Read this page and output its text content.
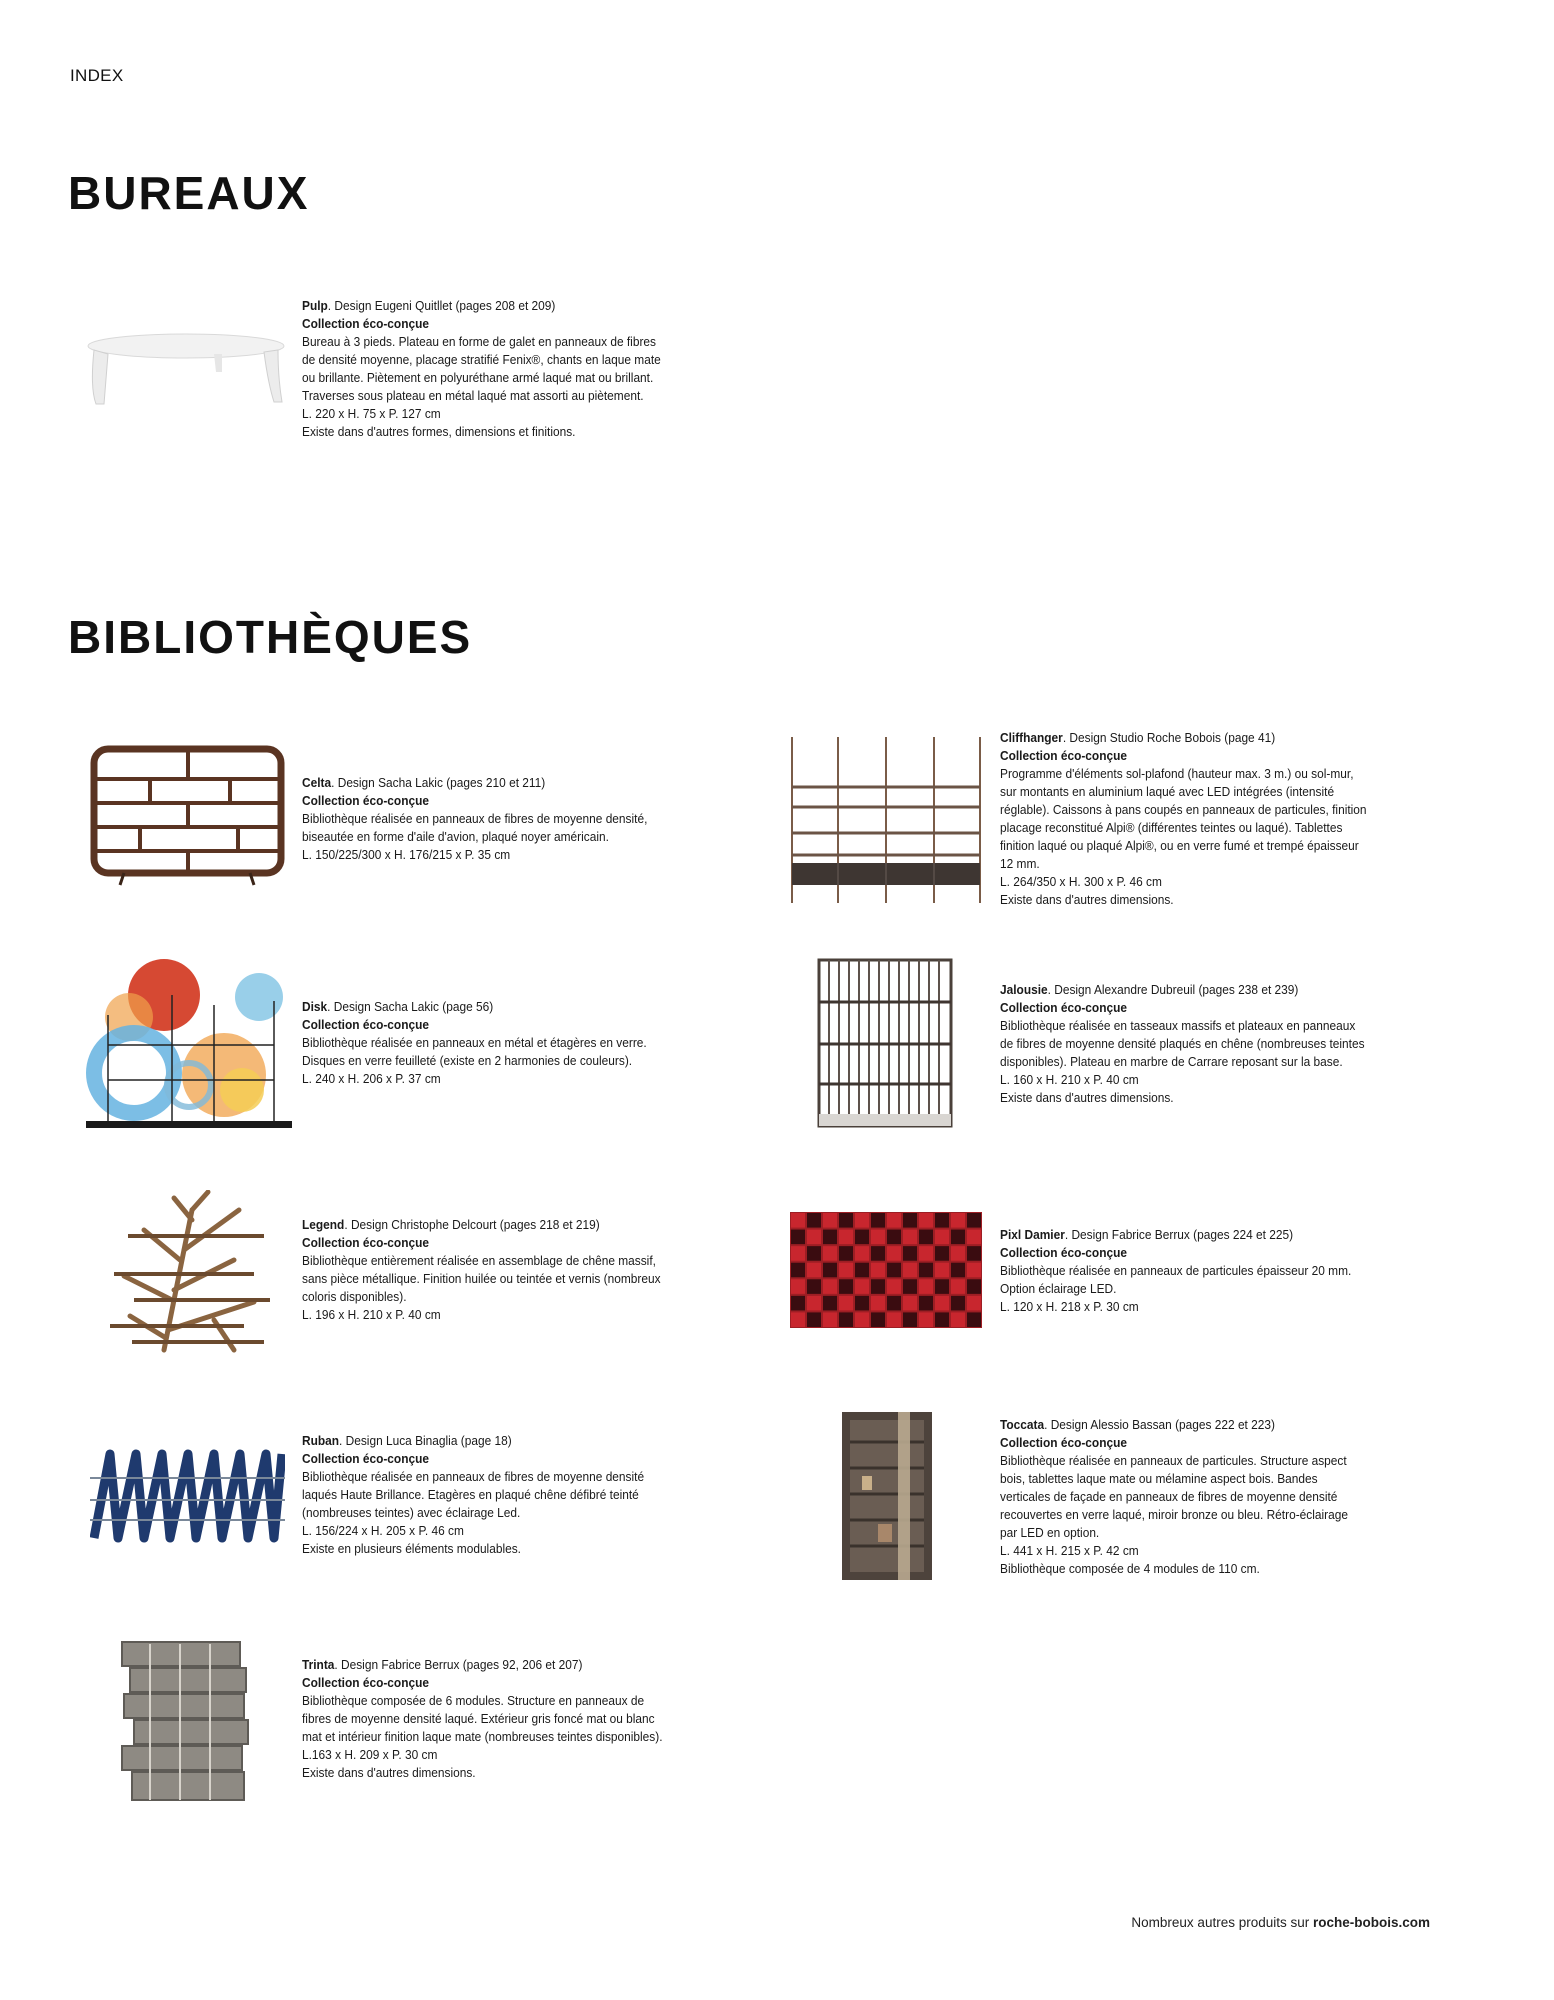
INDEX
BUREAUX
BIBLIOTHÈQUES
Pulp. Design Eugeni Quitllet (pages 208 et 209)
Collection éco-conçue
Bureau à 3 pieds. Plateau en forme de galet en panneaux de fibres
de densité moyenne, placage stratifié Fenix®, chants en laque mate
ou brillante. Piètement en polyuréthane armé laqué mat ou brillant.
Traverses sous plateau en métal laqué mat assorti au piètement.
L. 220 x H. 75 x P. 127 cm
Existe dans d'autres formes, dimensions et finitions.
Celta. Design Sacha Lakic (pages 210 et 211)
Collection éco-conçue
Bibliothèque réalisée en panneaux de fibres de moyenne densité,
biseautée en forme d'aile d'avion, plaqué noyer américain.
L. 150/225/300 x H. 176/215 x P. 35 cm
Cliffhanger. Design Studio Roche Bobois (page 41)
Collection éco-conçue
Programme d'éléments sol-plafond (hauteur max. 3 m.) ou sol-mur,
sur montants en aluminium laqué avec LED intégrées (intensité
réglable). Caissons à pans coupés en panneaux de particules, finition
placage reconstitué Alpi® (différentes teintes ou laqué). Tablettes
finition laqué ou plaqué Alpi®, ou en verre fumé et trempé épaisseur
12 mm.
L. 264/350 x H. 300 x P. 46 cm
Existe dans d'autres dimensions.
Disk. Design Sacha Lakic (page 56)
Collection éco-conçue
Bibliothèque réalisée en panneaux en métal et étagères en verre.
Disques en verre feuilleté (existe en 2 harmonies de couleurs).
L. 240 x H. 206 x P. 37 cm
Jalousie. Design Alexandre Dubreuil (pages 238 et 239)
Collection éco-conçue
Bibliothèque réalisée en tasseaux massifs et plateaux en panneaux
de fibres de moyenne densité plaqués en chêne (nombreuses teintes
disponibles). Plateau en marbre de Carrare reposant sur la base.
L. 160 x H. 210 x P. 40 cm
Existe dans d'autres dimensions.
Legend. Design Christophe Delcourt (pages 218 et 219)
Collection éco-conçue
Bibliothèque entièrement réalisée en assemblage de chêne massif,
sans pièce métallique. Finition huilée ou teintée et vernis (nombreux
coloris disponibles).
L. 196 x H. 210 x P. 40 cm
Pixl Damier. Design Fabrice Berrux (pages 224 et 225)
Collection éco-conçue
Bibliothèque réalisée en panneaux de particules épaisseur 20 mm.
Option éclairage LED.
L. 120 x H. 218 x P. 30 cm
Ruban. Design Luca Binaglia (page 18)
Collection éco-conçue
Bibliothèque réalisée en panneaux de fibres de moyenne densité
laqués Haute Brillance. Etagères en plaqué chêne défibré teinté
(nombreuses teintes) avec éclairage Led.
L. 156/224 x H. 205 x P. 46 cm
Existe en plusieurs éléments modulables.
Toccata. Design Alessio Bassan (pages 222 et 223)
Collection éco-conçue
Bibliothèque réalisée en panneaux de particules. Structure aspect
bois, tablettes laque mate ou mélamine aspect bois. Bandes
verticales de façade en panneaux de fibres de moyenne densité
recouvertes en verre laqué, miroir bronze ou bleu. Rétro-éclairage
par LED en option.
L. 441 x H. 215 x P. 42 cm
Bibliothèque composée de 4 modules de 110 cm.
Trinta. Design Fabrice Berrux (pages 92, 206 et 207)
Collection éco-conçue
Bibliothèque composée de 6 modules. Structure en panneaux de
fibres de moyenne densité laqué. Extérieur gris foncé mat ou blanc
mat et intérieur finition laque mate (nombreuses teintes disponibles).
L.163 x H. 209 x P. 30 cm
Existe dans d'autres dimensions.
Nombreux autres produits sur roche-bobois.com
